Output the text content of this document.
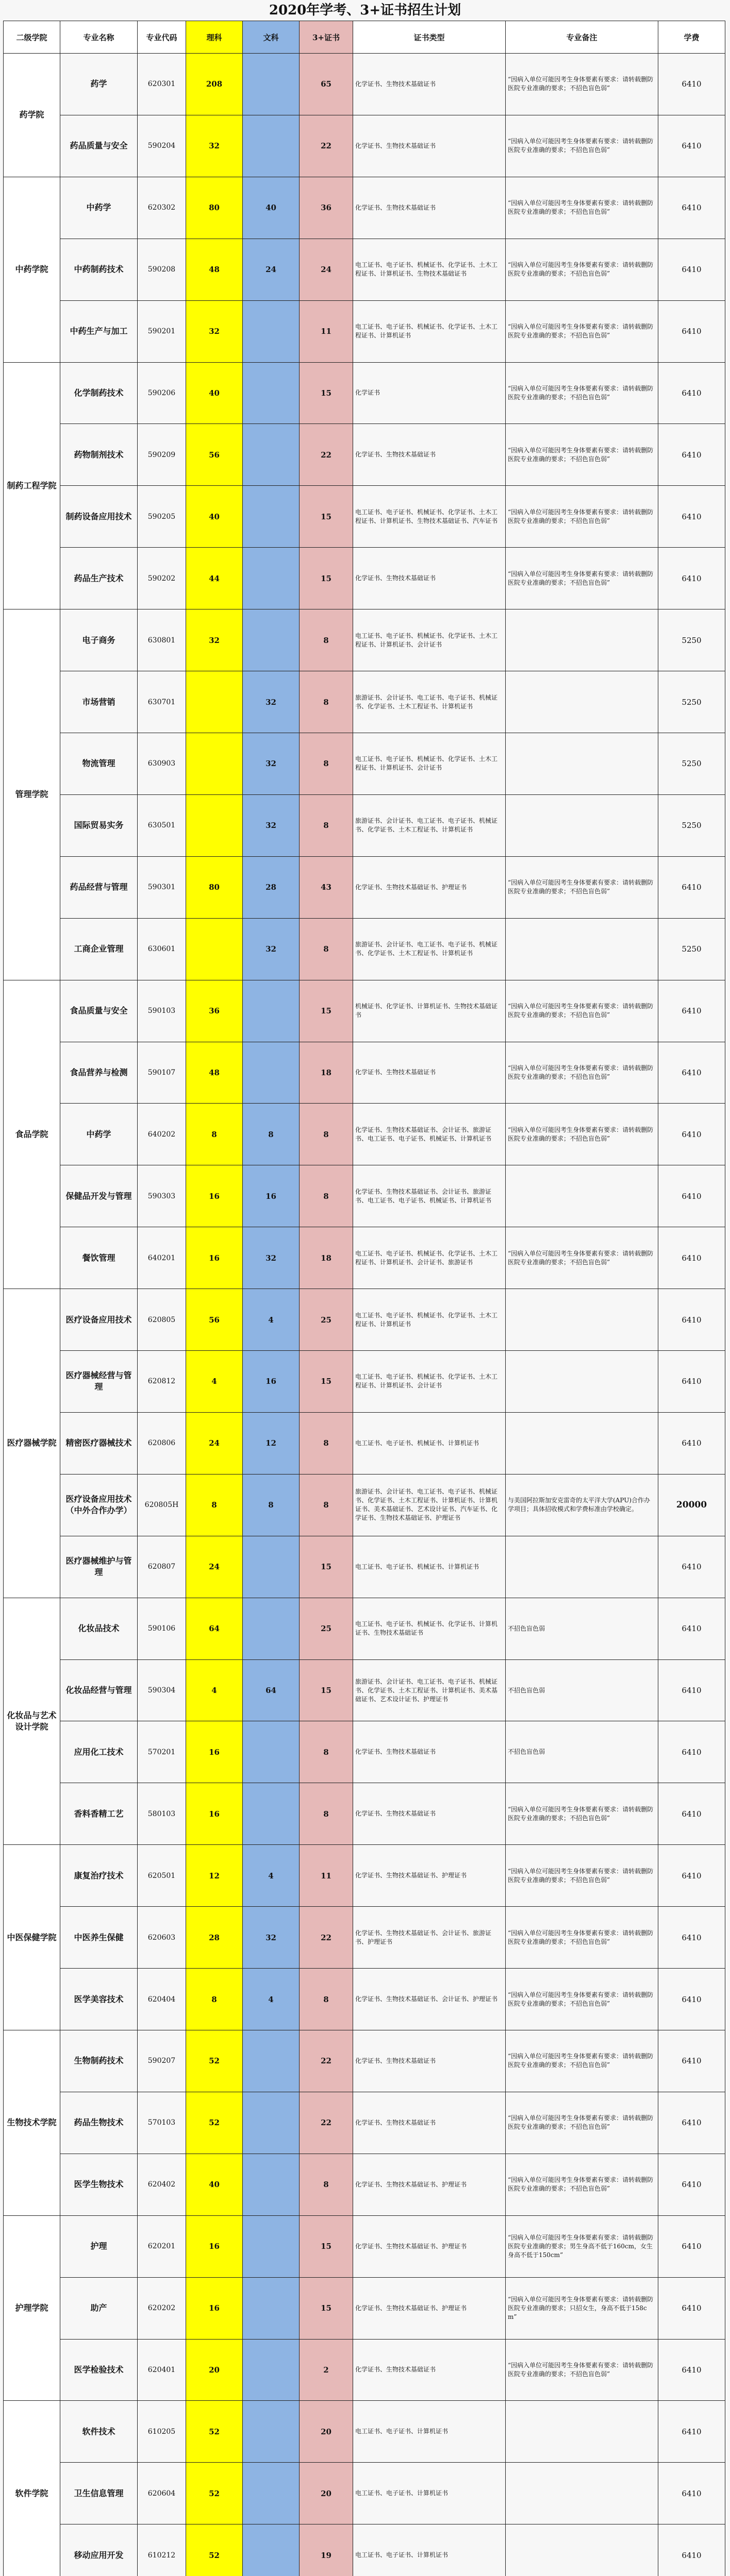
2020年学考、3+证书招生计划
二级学院	专业名称	专业代码	理科	文科	3+证书	证书类型	专业备注	学费
药学院	药学	620301	208		65	化学证书、生物技术基础证书	“因病入单位可能因考生身体要素有要求：请转载删防医院专业准确的要求；不招色盲色弱”	6410
	药品质量与安全	590204	32		22	化学证书、生物技术基础证书	“因病入单位可能因考生身体要素有要求：请转载删防医院专业准确的要求；不招色盲色弱”	6410
中药学院	中药学	620302	80	40	36	化学证书、生物技术基础证书	“因病入单位可能因考生身体要素有要求：请转载删防医院专业准确的要求；不招色盲色弱”	6410
	中药制药技术	590208	48	24	24	电工证书、电子证书、机械证书、化学证书、土木工程证书、计算机证书、生物技术基础证书	“因病入单位可能因考生身体要素有要求：请转载删防医院专业准确的要求；不招色盲色弱”	6410
	中药生产与加工	590201	32		11	电工证书、电子证书、机械证书、化学证书、土木工程证书、计算机证书	“因病入单位可能因考生身体要素有要求：请转载删防医院专业准确的要求；不招色盲色弱”	6410
制药工程学院	化学制药技术	590206	40		15	化学证书	“因病入单位可能因考生身体要素有要求：请转载删防医院专业准确的要求；不招色盲色弱”	6410
	药物制剂技术	590209	56		22	化学证书、生物技术基础证书	“因病入单位可能因考生身体要素有要求：请转载删防医院专业准确的要求；不招色盲色弱”	6410
	制药设备应用技术	590205	40		15	电工证书、电子证书、机械证书、化学证书、土木工程证书、计算机证书、生物技术基础证书、汽车证书	“因病入单位可能因考生身体要素有要求：请转载删防医院专业准确的要求；不招色盲色弱”	6410
	药品生产技术	590202	44		15	化学证书、生物技术基础证书	“因病入单位可能因考生身体要素有要求：请转载删防医院专业准确的要求；不招色盲色弱”	6410
管理学院	电子商务	630801	32		8	电工证书、电子证书、机械证书、化学证书、土木工程证书、计算机证书、会计证书		5250
	市场营销	630701		32	8	旅游证书、会计证书、电工证书、电子证书、机械证书、化学证书、土木工程证书、计算机证书		5250
	物流管理	630903		32	8	电工证书、电子证书、机械证书、化学证书、土木工程证书、计算机证书、会计证书		5250
	国际贸易实务	630501		32	8	旅游证书、会计证书、电工证书、电子证书、机械证书、化学证书、土木工程证书、计算机证书		5250
	药品经营与管理	590301	80	28	43	化学证书、生物技术基础证书、护理证书	“因病入单位可能因考生身体要素有要求：请转载删防医院专业准确的要求；不招色盲色弱”	6410
	工商企业管理	630601		32	8	旅游证书、会计证书、电工证书、电子证书、机械证书、化学证书、土木工程证书、计算机证书		5250
食品学院	食品质量与安全	590103	36		15	机械证书、化学证书、计算机证书、生物技术基础证书	“因病入单位可能因考生身体要素有要求：请转载删防医院专业准确的要求；不招色盲色弱”	6410
	食品营养与检测	590107	48		18	化学证书、生物技术基础证书	“因病入单位可能因考生身体要素有要求：请转载删防医院专业准确的要求；不招色盲色弱”	6410
	中药学	640202	8	8	8	化学证书、生物技术基础证书、会计证书、旅游证书、电工证书、电子证书、机械证书、计算机证书	“因病入单位可能因考生身体要素有要求：请转载删防医院专业准确的要求；不招色盲色弱”	6410
	保健品开发与管理	590303	16	16	8	化学证书、生物技术基础证书、会计证书、旅游证书、电工证书、电子证书、机械证书、计算机证书		6410
	餐饮管理	640201	16	32	18	电工证书、电子证书、机械证书、化学证书、土木工程证书、计算机证书、会计证书、旅游证书	“因病入单位可能因考生身体要素有要求：请转载删防医院专业准确的要求；不招色盲色弱”	6410
医疗器械学院	医疗设备应用技术	620805	56	4	25	电工证书、电子证书、机械证书、化学证书、土木工程证书、计算机证书		6410
	医疗器械经营与管理	620812	4	16	15	电工证书、电子证书、机械证书、化学证书、土木工程证书、计算机证书、会计证书		6410
	精密医疗器械技术	620806	24	12	8	电工证书、电子证书、机械证书、计算机证书		6410
	医疗设备应用技术（中外合作办学）	620805H	8	8	8	旅游证书、会计证书、电工证书、电子证书、机械证书、化学证书、土木工程证书、计算机证书、计算机证书、美术基础证书、艺术设计证书、汽车证书、化学证书、生物技术基础证书、护理证书	与美国阿拉斯加安克雷奇的太平洋大学(APU)合作办学项目；具体招收模式和学费标准由学校确定。	20000
	医疗器械维护与管理	620807	24		15	电工证书、电子证书、机械证书、计算机证书		6410
化妆品与艺术设计学院	化妆品技术	590106	64		25	电工证书、电子证书、机械证书、化学证书、计算机证书、生物技术基础证书	不招色盲色弱	6410
	化妆品经营与管理	590304	4	64	15	旅游证书、会计证书、电工证书、电子证书、机械证书、化学证书、土木工程证书、计算机证书、美术基础证书、艺术设计证书、护理证书	不招色盲色弱	6410
	应用化工技术	570201	16		8	化学证书、生物技术基础证书	不招色盲色弱	6410
	香料香精工艺	580103	16		8	化学证书、生物技术基础证书	“因病入单位可能因考生身体要素有要求：请转载删防医院专业准确的要求；不招色盲色弱”	6410
中医保健学院	康复治疗技术	620501	12	4	11	化学证书、生物技术基础证书、护理证书	“因病入单位可能因考生身体要素有要求：请转载删防医院专业准确的要求；不招色盲色弱”	6410
	中医养生保健	620603	28	32	22	化学证书、生物技术基础证书、会计证书、旅游证书、护理证书	“因病入单位可能因考生身体要素有要求：请转载删防医院专业准确的要求；不招色盲色弱”	6410
	医学美容技术	620404	8	4	8	化学证书、生物技术基础证书、会计证书、护理证书	“因病入单位可能因考生身体要素有要求：请转载删防医院专业准确的要求；不招色盲色弱”	6410
生物技术学院	生物制药技术	590207	52		22	化学证书、生物技术基础证书	“因病入单位可能因考生身体要素有要求：请转载删防医院专业准确的要求；不招色盲色弱”	6410
	药品生物技术	570103	52		22	化学证书、生物技术基础证书	“因病入单位可能因考生身体要素有要求：请转载删防医院专业准确的要求；不招色盲色弱”	6410
	医学生物技术	620402	40		8	化学证书、生物技术基础证书、护理证书	“因病入单位可能因考生身体要素有要求：请转载删防医院专业准确的要求；不招色盲色弱”	6410
护理学院	护理	620201	16		15	化学证书、生物技术基础证书、护理证书	“因病入单位可能因考生身体要素有要求：请转载删防医院专业准确的要求；男生身高不低于160cm，女生身高不低于150cm”	6410
	助产	620202	16		15	化学证书、生物技术基础证书、护理证书	“因病入单位可能因考生身体要素有要求：请转载删防医院专业准确的要求；只招女生，身高不低于158cm”	6410
	医学检验技术	620401	20		2	化学证书、生物技术基础证书	“因病入单位可能因考生身体要素有要求：请转载删防医院专业准确的要求；不招色盲色弱”	6410
软件学院	软件技术	610205	52		20	电工证书、电子证书、计算机证书		6410
	卫生信息管理	620604	52		20	电工证书、电子证书、计算机证书		6410
	移动应用开发	610212	52		19	电工证书、电子证书、计算机证书		6410
